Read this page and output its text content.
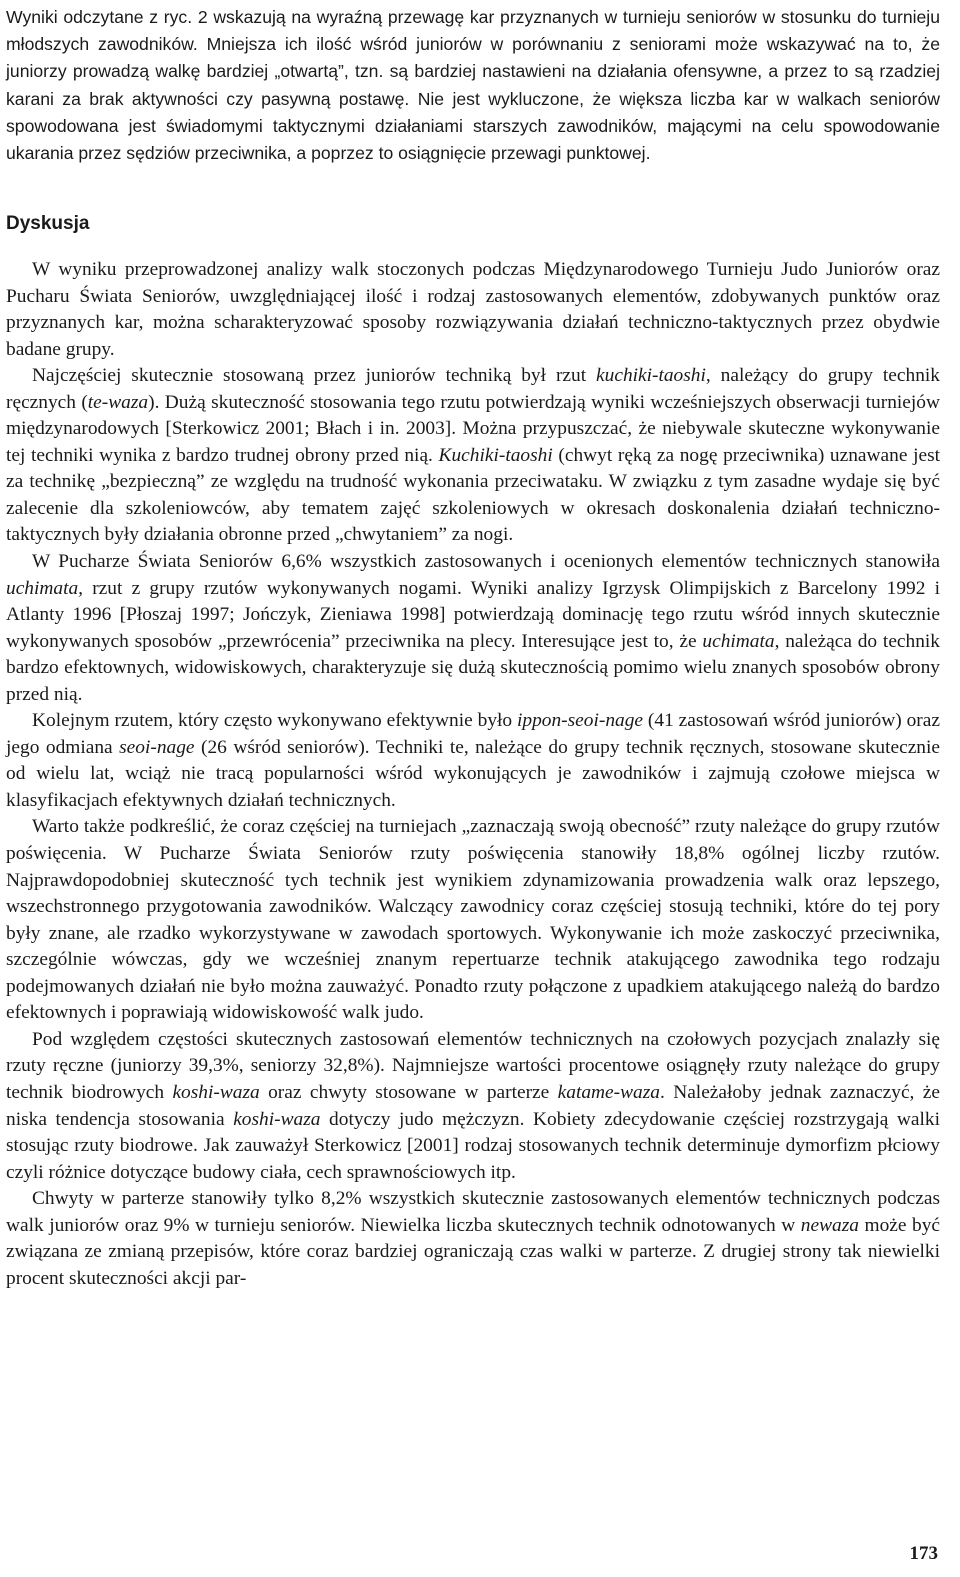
Wyniki odczytane z ryc. 2 wskazują na wyraźną przewagę kar przyznanych w turnieju seniorów w stosunku do turnieju młodszych zawodników. Mniejsza ich ilość wśród juniorów w porównaniu z seniorami może wskazywać na to, że juniorzy prowadzą walkę bardziej „otwartą”, tzn. są bardziej nastawieni na działania ofensywne, a przez to są rzadziej karani za brak aktywności czy pasywną postawę. Nie jest wykluczone, że większa liczba kar w walkach seniorów spowodowana jest świadomymi taktycznymi działaniami starszych zawodników, mającymi na celu spowodowanie ukarania przez sędziów przeciwnika, a poprzez to osiągnięcie przewagi punktowej.
Dyskusja

W wyniku przeprowadzonej analizy walk stoczonych podczas Międzynarodowego Turnieju Judo Juniorów oraz Pucharu Świata Seniorów, uwzględniającej ilość i rodzaj zastosowanych elementów, zdobywanych punktów oraz przyznanych kar, można scharakteryzować sposoby rozwiązywania działań techniczno-taktycznych przez obydwie badane grupy.

Najczęściej skutecznie stosowaną przez juniorów techniką był rzut kuchiki-taoshi, należący do grupy technik ręcznych (te-waza). Dużą skuteczność stosowania tego rzutu potwierdzają wyniki wcześniejszych obserwacji turniejów międzynarodowych [Sterkowicz 2001; Błach i in. 2003]. Można przypuszczać, że niebywale skuteczne wykonywanie tej techniki wynika z bardzo trudnej obrony przed nią. Kuchiki-taoshi (chwyt ręką za nogę przeciwnika) uznawane jest za technikę „bezpieczną” ze względu na trudność wykonania przeciwataku. W związku z tym zasadne wydaje się być zalecenie dla szkoleniowców, aby tematem zajęć szkoleniowych w okresach doskonalenia działań techniczno-taktycznych były działania obronne przed „chwytaniem” za nogi.

W Pucharze Świata Seniorów 6,6% wszystkich zastosowanych i ocenionych elementów technicznych stanowiła uchimata, rzut z grupy rzutów wykonywanych nogami. Wyniki analizy Igrzysk Olimpijskich z Barcelony 1992 i Atlanty 1996 [Płoszaj 1997; Jończyk, Zieniawa 1998] potwierdzają dominację tego rzutu wśród innych skutecznie wykonywanych sposobów „przewrócenia” przeciwnika na plecy. Interesujące jest to, że uchimata, należąca do technik bardzo efektownych, widowiskowych, charakteryzuje się dużą skutecznością pomimo wielu znanych sposobów obrony przed nią.

Kolejnym rzutem, który często wykonywano efektywnie było ippon-seoi-nage (41 zastosowań wśród juniorów) oraz jego odmiana seoi-nage (26 wśród seniorów). Techniki te, należące do grupy technik ręcznych, stosowane skutecznie od wielu lat, wciąż nie tracą popularności wśród wykonujących je zawodników i zajmują czołowe miejsca w klasyfikacjach efektywnych działań technicznych.

Warto także podkreślić, że coraz częściej na turniejach „zaznaczają swoją obecność” rzuty należące do grupy rzutów poświęcenia. W Pucharze Świata Seniorów rzuty poświęcenia stanowiły 18,8% ogólnej liczby rzutów. Najprawdopodobniej skuteczność tych technik jest wynikiem zdynamizowania prowadzenia walk oraz lepszego, wszechstronnego przygotowania zawodników. Walczący zawodnicy coraz częściej stosują techniki, które do tej pory były znane, ale rzadko wykorzystywane w zawodach sportowych. Wykonywanie ich może zaskoczyć przeciwnika, szczególnie wówczas, gdy we wcześniej znanym repertuarze technik atakującego zawodnika tego rodzaju podejmowanych działań nie było można zauważyć. Ponadto rzuty połączone z upadkiem atakującego należą do bardzo efektownych i poprawiają widowiskowość walk judo.

Pod względem częstości skutecznych zastosowań elementów technicznych na czołowych pozycjach znalazły się rzuty ręczne (juniorzy 39,3%, seniorzy 32,8%). Najmniejsze wartości procentowe osiągnęły rzuty należące do grupy technik biodrowych koshi-waza oraz chwyty stosowane w parterze katame-waza. Należałoby jednak zaznaczyć, że niska tendencja stosowania koshi-waza dotyczy judo mężczyzn. Kobiety zdecydowanie częściej rozstrzygają walki stosując rzuty biodrowe. Jak zauważył Sterkowicz [2001] rodzaj stosowanych technik determinuje dymorfizm płciowy czyli różnice dotyczące budowy ciała, cech sprawnościowych itp.

Chwyty w parterze stanowiły tylko 8,2% wszystkich skutecznie zastosowanych elementów technicznych podczas walk juniorów oraz 9% w turnieju seniorów. Niewielka liczba skutecznych technik odnotowanych w newaza może być związana ze zmianą przepisów, które coraz bardziej ograniczają czas walki w parterze. Z drugiej strony tak niewielki procent skuteczności akcji par-

173
